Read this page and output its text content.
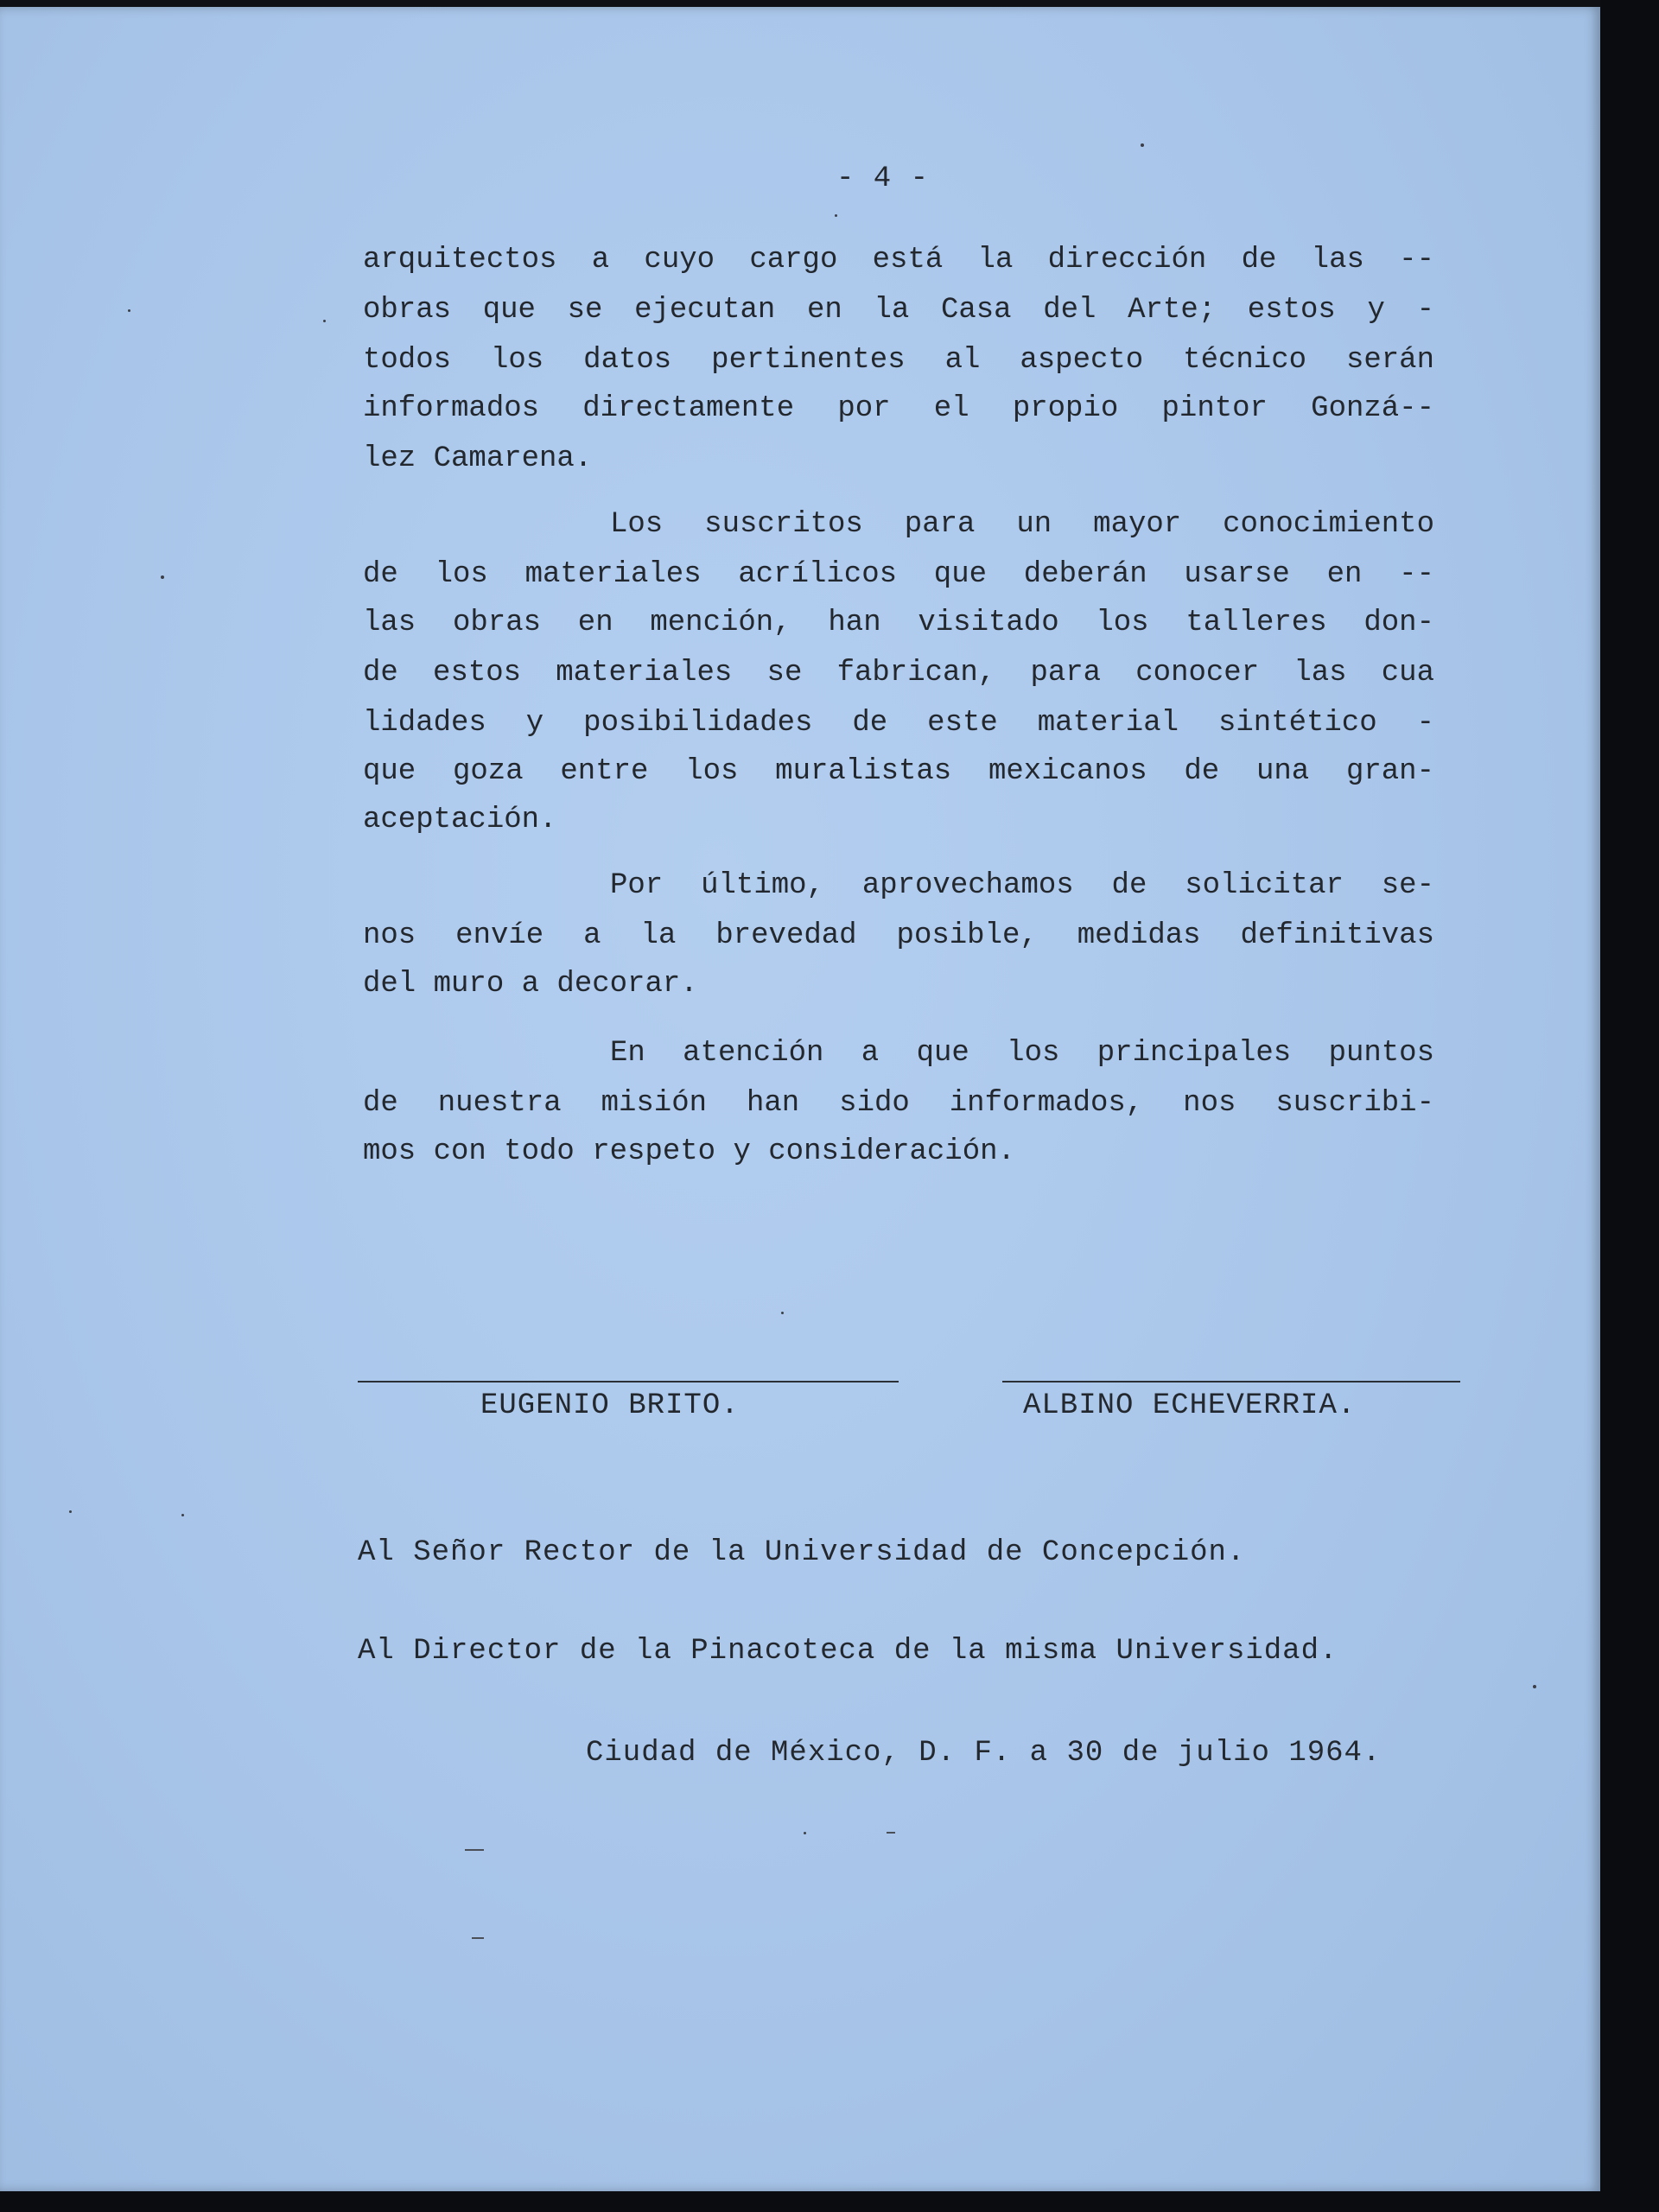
- 4 -
arquitectos a cuyo cargo está la dirección de las --
obras que se ejecutan en la Casa del Arte; estos y -
todos los datos pertinentes al aspecto técnico serán
informados directamente por el propio pintor Gonzá--
lez Camarena.
Los suscritos para un mayor conocimiento
de los materiales acrílicos que deberán usarse en --
las obras en mención, han visitado los talleres don-
de estos materiales se fabrican, para conocer las cua
lidades y posibilidades de este material sintético -
que goza entre los muralistas mexicanos de una gran-
aceptación.
Por último, aprovechamos de solicitar se-
nos envíe a la brevedad posible, medidas definitivas
del muro a decorar.
En atención a que los principales puntos
de nuestra misión han sido informados, nos suscribi-
mos con todo respeto y consideración.
EUGENIO BRITO.	ALBINO ECHEVERRIA.
Al Señor Rector de la Universidad de Concepción.
Al Director de la Pinacoteca de la misma Universidad.
Ciudad de México, D. F. a 30 de julio 1964.
